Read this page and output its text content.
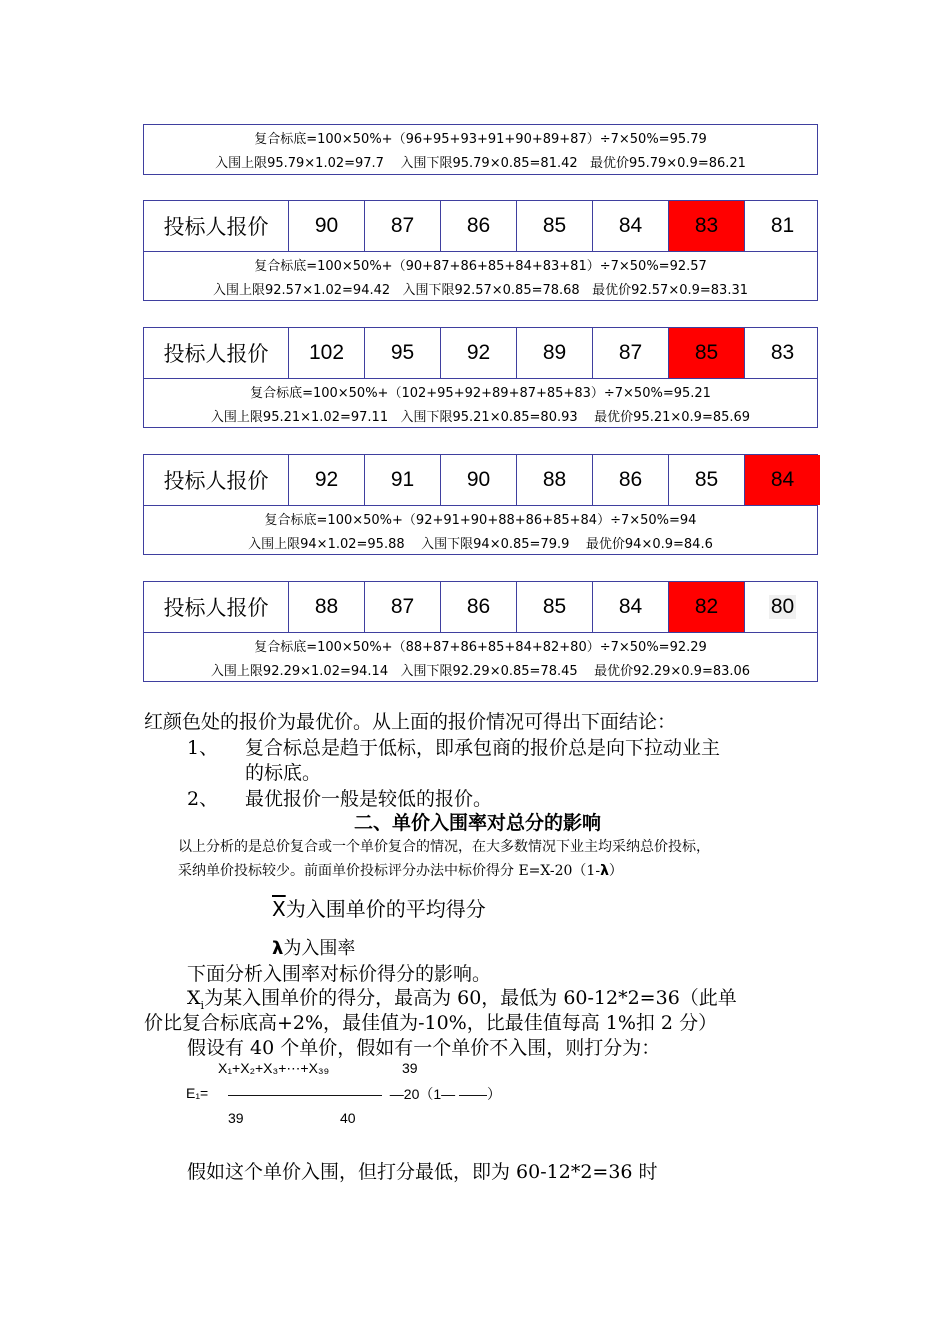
复合标底=100×50%+（96+95+93+91+90+89+87）÷7×50%=95.79
入围上限95.79×1.02=97.7    入围下限95.79×0.85=81.42   最优价95.79×0.9=86.21
投标人报价	90	87	86	85	84	83	81
复合标底=100×50%+（90+87+86+85+84+83+81）÷7×50%=92.57
入围上限92.57×1.02=94.42   入围下限92.57×0.85=78.68   最优价92.57×0.9=83.31
投标人报价	102	95	92	89	87	85	83
复合标底=100×50%+（102+95+92+89+87+85+83）÷7×50%=95.21
入围上限95.21×1.02=97.11   入围下限95.21×0.85=80.93    最优价95.21×0.9=85.69
投标人报价	92	91	90	88	86	85	84
复合标底=100×50%+（92+91+90+88+86+85+84）÷7×50%=94
入围上限94×1.02=95.88    入围下限94×0.85=79.9    最优价94×0.9=84.6
投标人报价	88	87	86	85	84	82	80
复合标底=100×50%+（88+87+86+85+84+82+80）÷7×50%=92.29
入围上限92.29×1.02=94.14   入围下限92.29×0.85=78.45    最优价92.29×0.9=83.06
红颜色处的报价为最优价。从上面的报价情况可得出下面结论：
1、 复合标总是趋于低标，即承包商的报价总是向下拉动业主
的标底。
2、 最优报价一般是较低的报价。
二、单价入围率对总分的影响
以上分析的是总价复合或一个单价复合的情况，在大多数情况下业主均采纳总价投标，
采纳单价投标较少。前面单价投标评分办法中标价得分 E=X-20（1-λ）
$\overline{X}$为入围单价的平均得分
λ为入围率
下面分析入围率对标价得分的影响。
$X_i$为某入围单价的得分，最高为 60，最低为 60-12*2=36（此单
价比复合标底高+2%，最佳值为-10%，比最佳值每高 1%扣 2 分）
假设有 40 个单价，假如有一个单价不入围，则打分为：
X₁+X₂+X₃+⋯+X₃₉	39
E₁= ———————————  —20（1— ——）
39	40
假如这个单价入围，但打分最低，即为 60-12*2=36 时
